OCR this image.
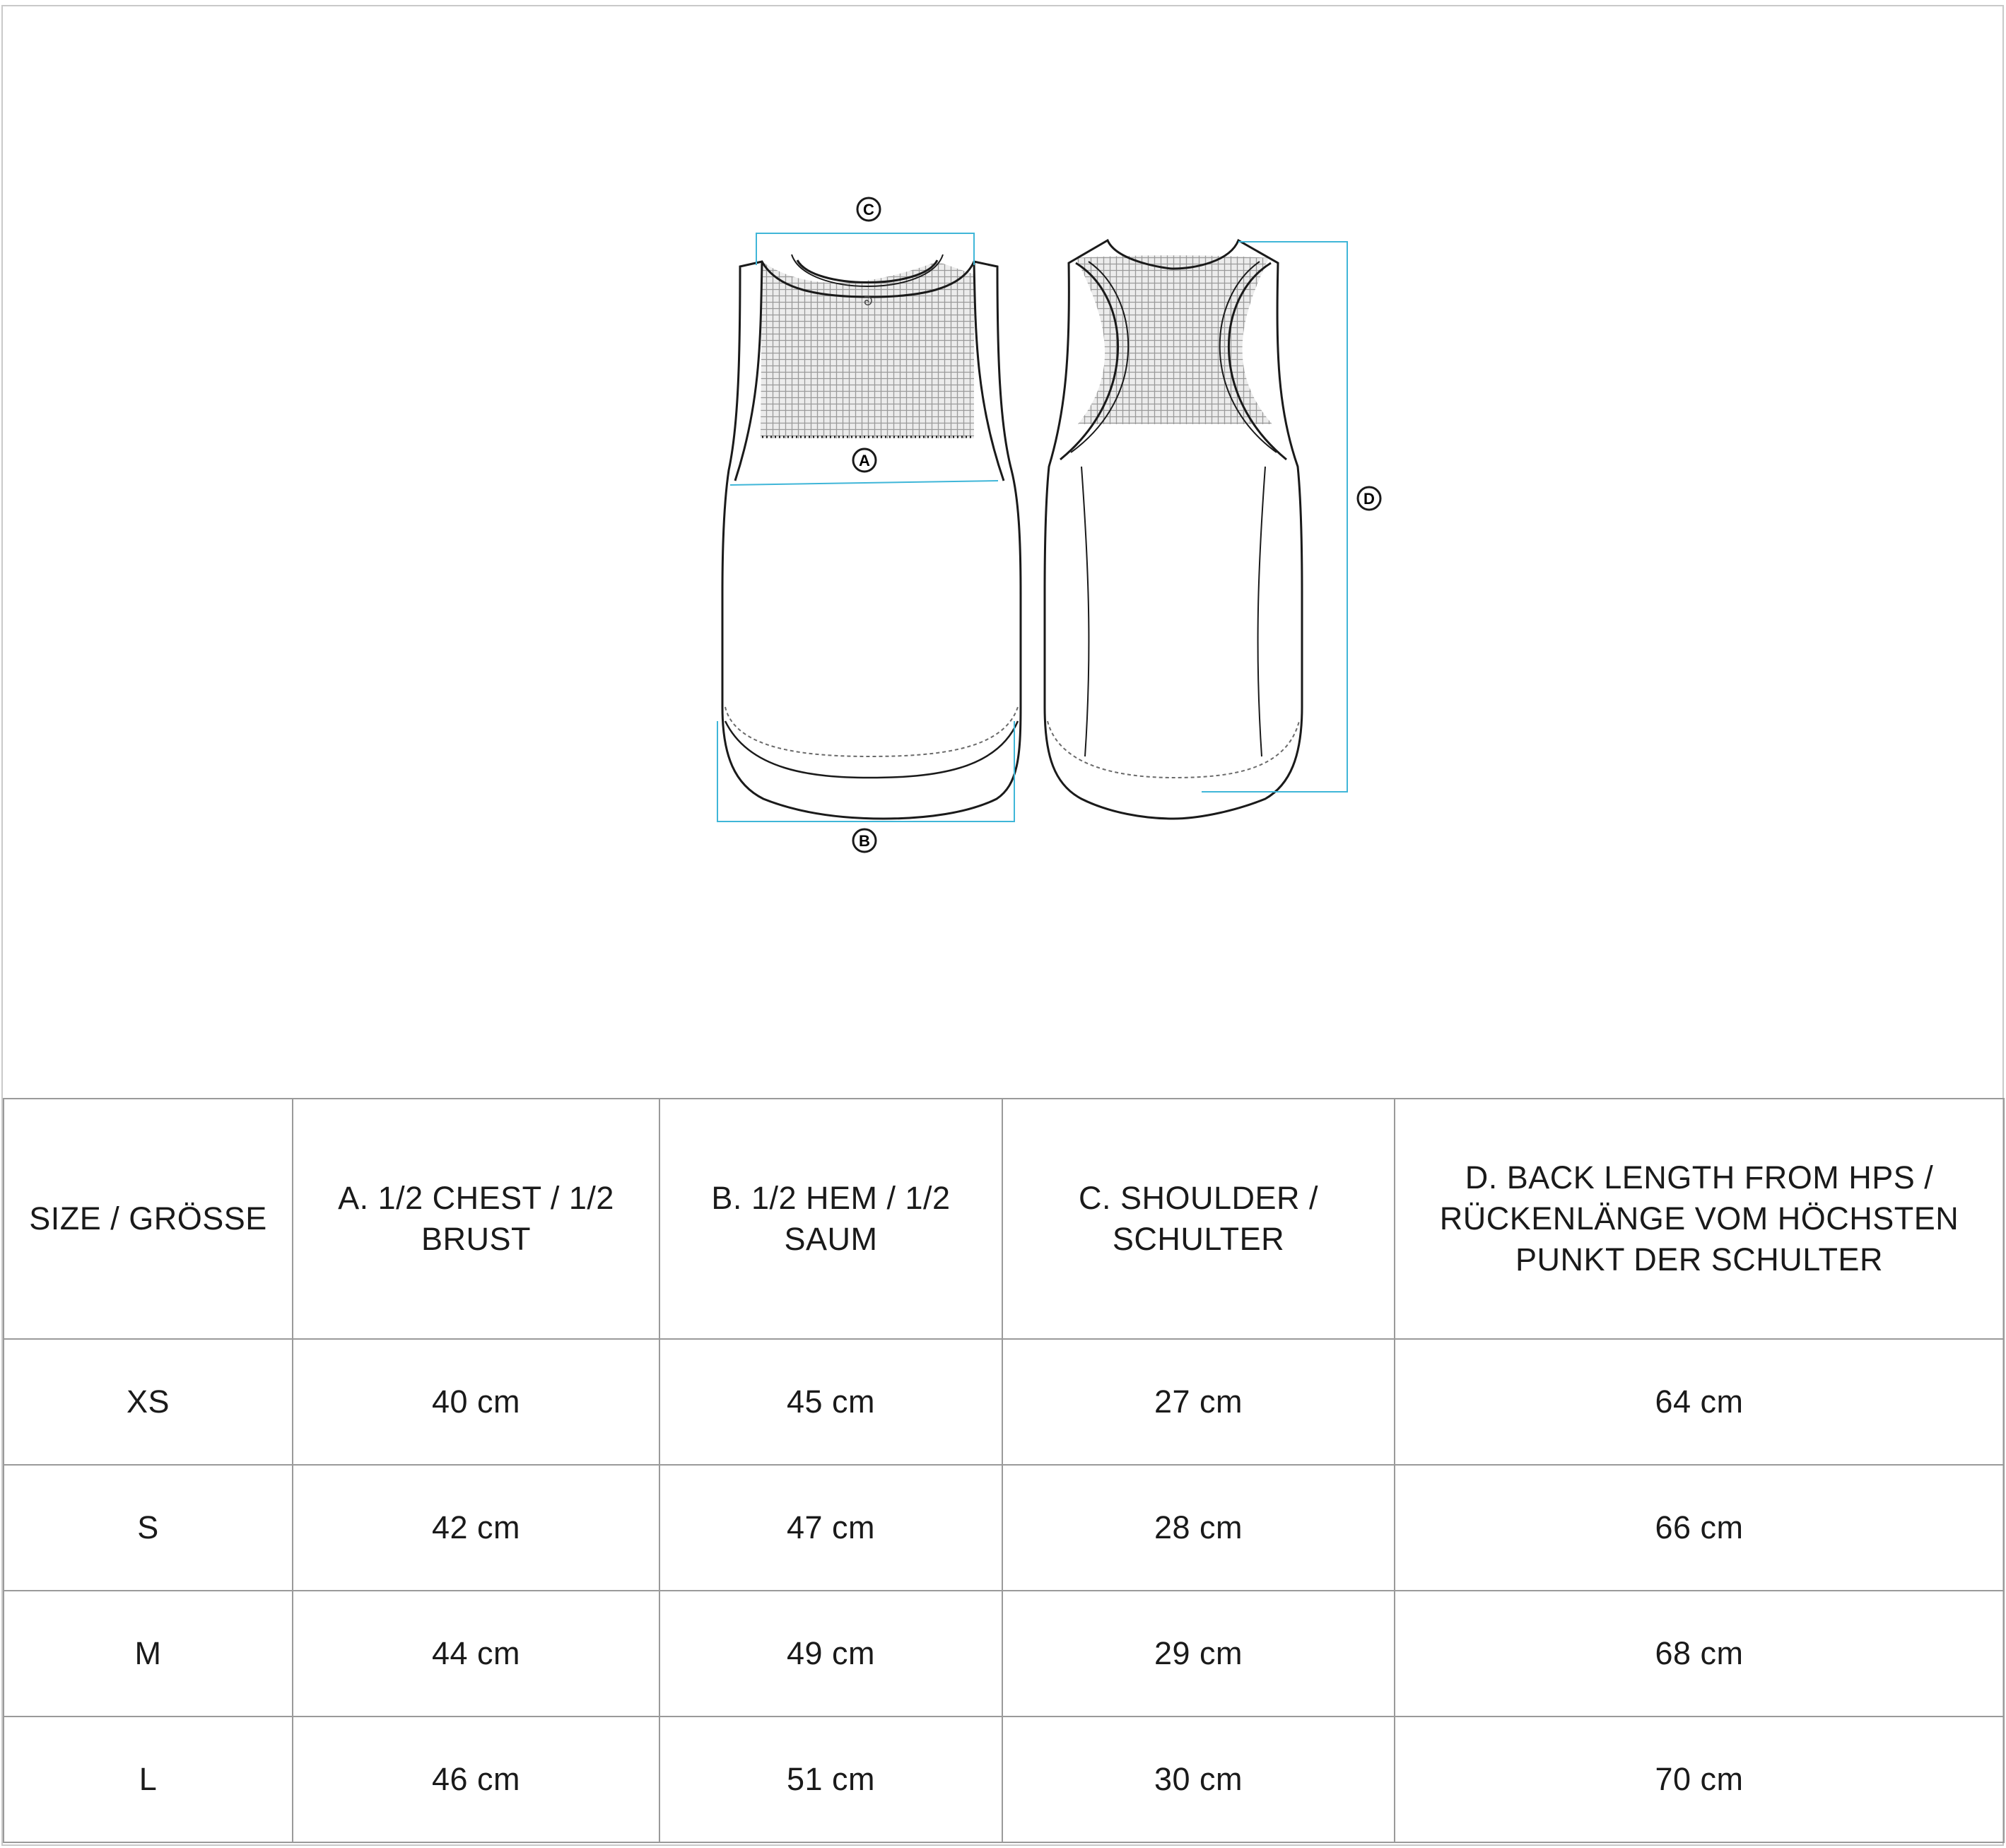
ᘐ
C
A
B
D
SIZE / GRÖSSE	A. 1/2 CHEST / 1/2 BRUST	B. 1/2 HEM / 1/2 SAUM	C. SHOULDER / SCHULTER	D. BACK LENGTH FROM HPS / RÜCKENLÄNGE VOM HÖCHSTEN PUNKT DER SCHULTER
XS	40 cm	45 cm	27 cm	64 cm
S	42 cm	47 cm	28 cm	66 cm
M	44 cm	49 cm	29 cm	68 cm
L	46 cm	51 cm	30 cm	70 cm
